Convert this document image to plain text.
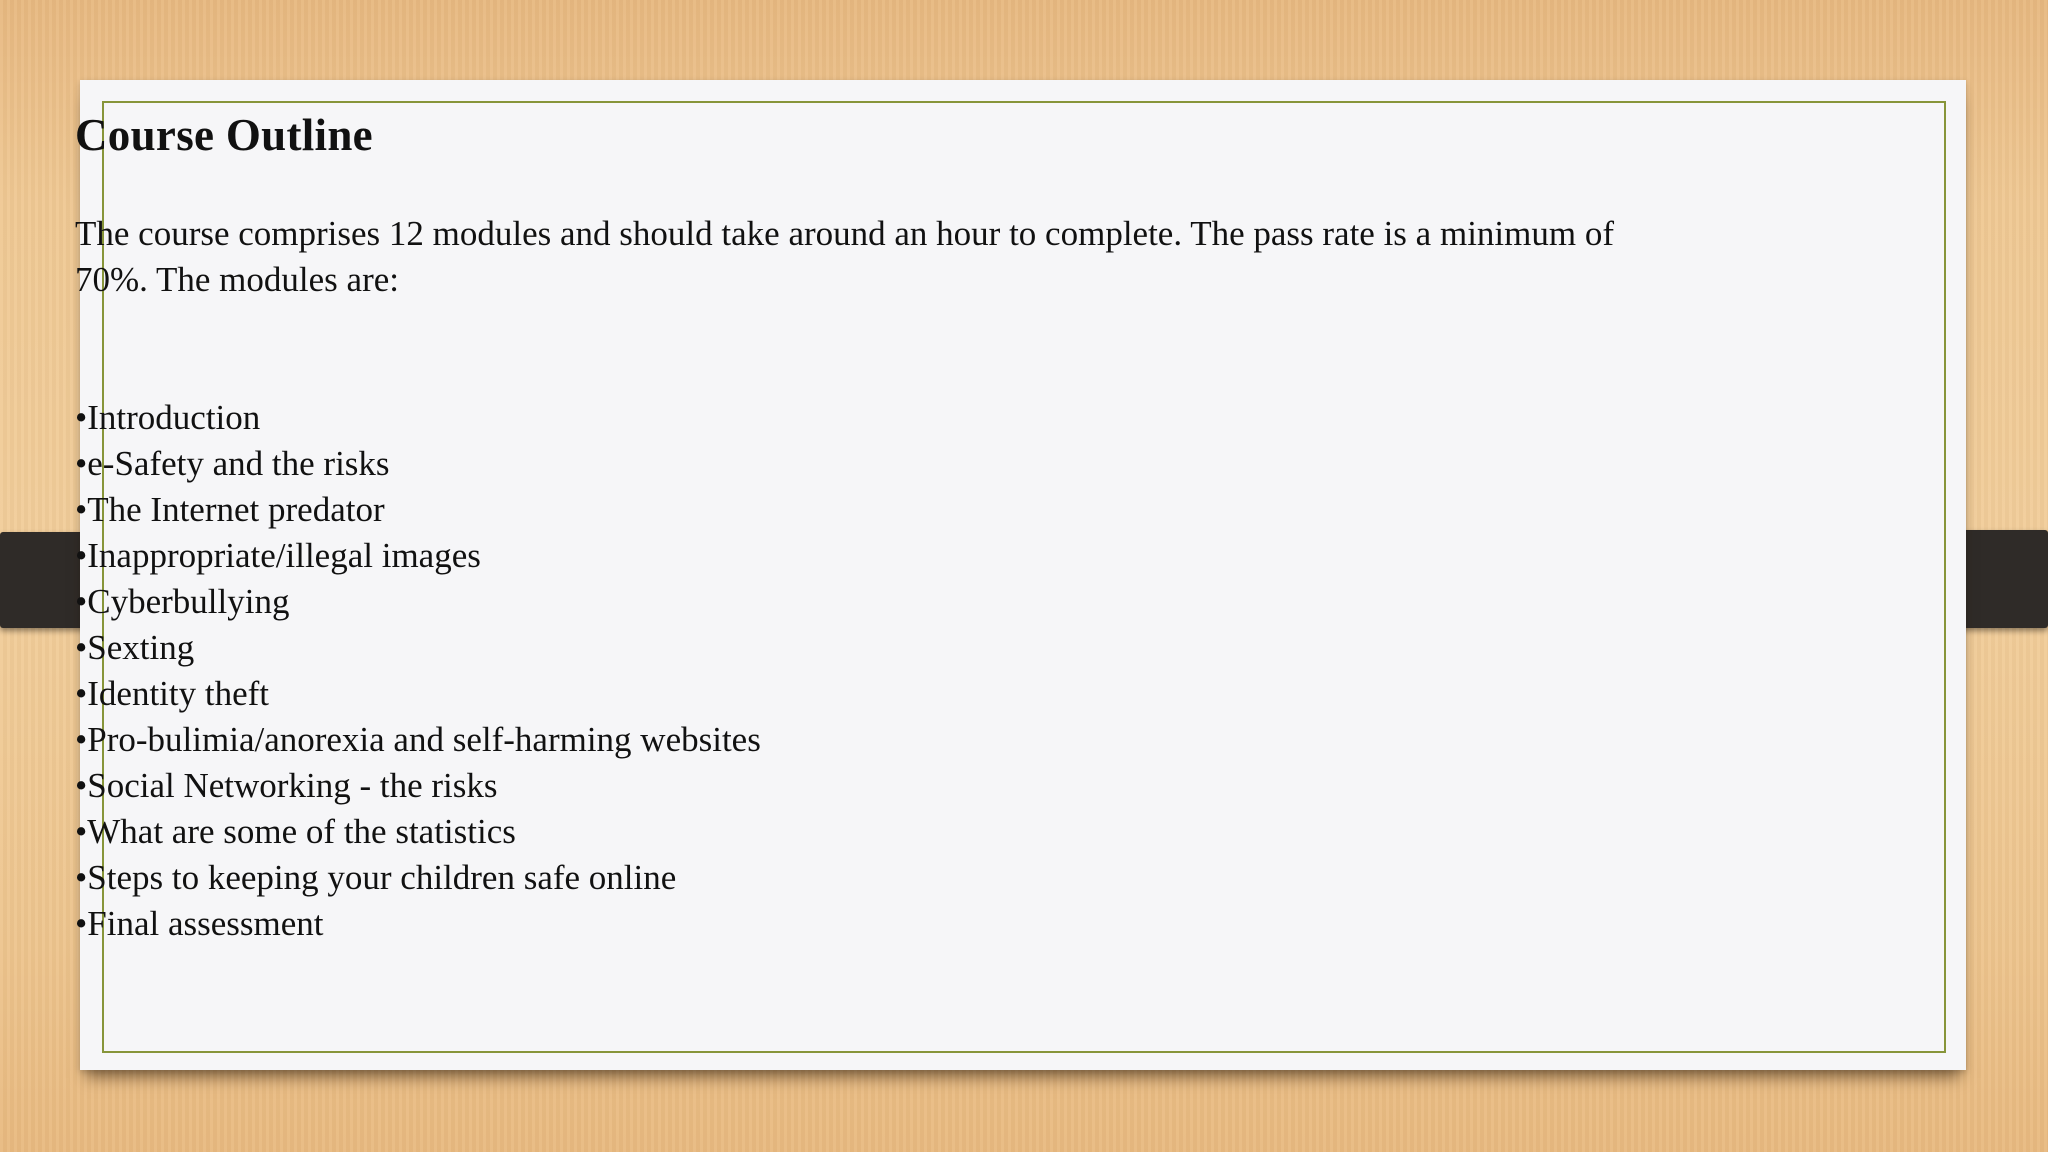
Course Outline

The course comprises 12 modules and should take around an hour to complete. The pass rate is a minimum of 70%. The modules are:

•Introduction
•e-Safety and the risks
•The Internet predator
•Inappropriate/illegal images
•Cyberbullying
•Sexting
•Identity theft
•Pro-bulimia/anorexia and self-harming websites
•Social Networking - the risks
•What are some of the statistics
•Steps to keeping your children safe online
•Final assessment
